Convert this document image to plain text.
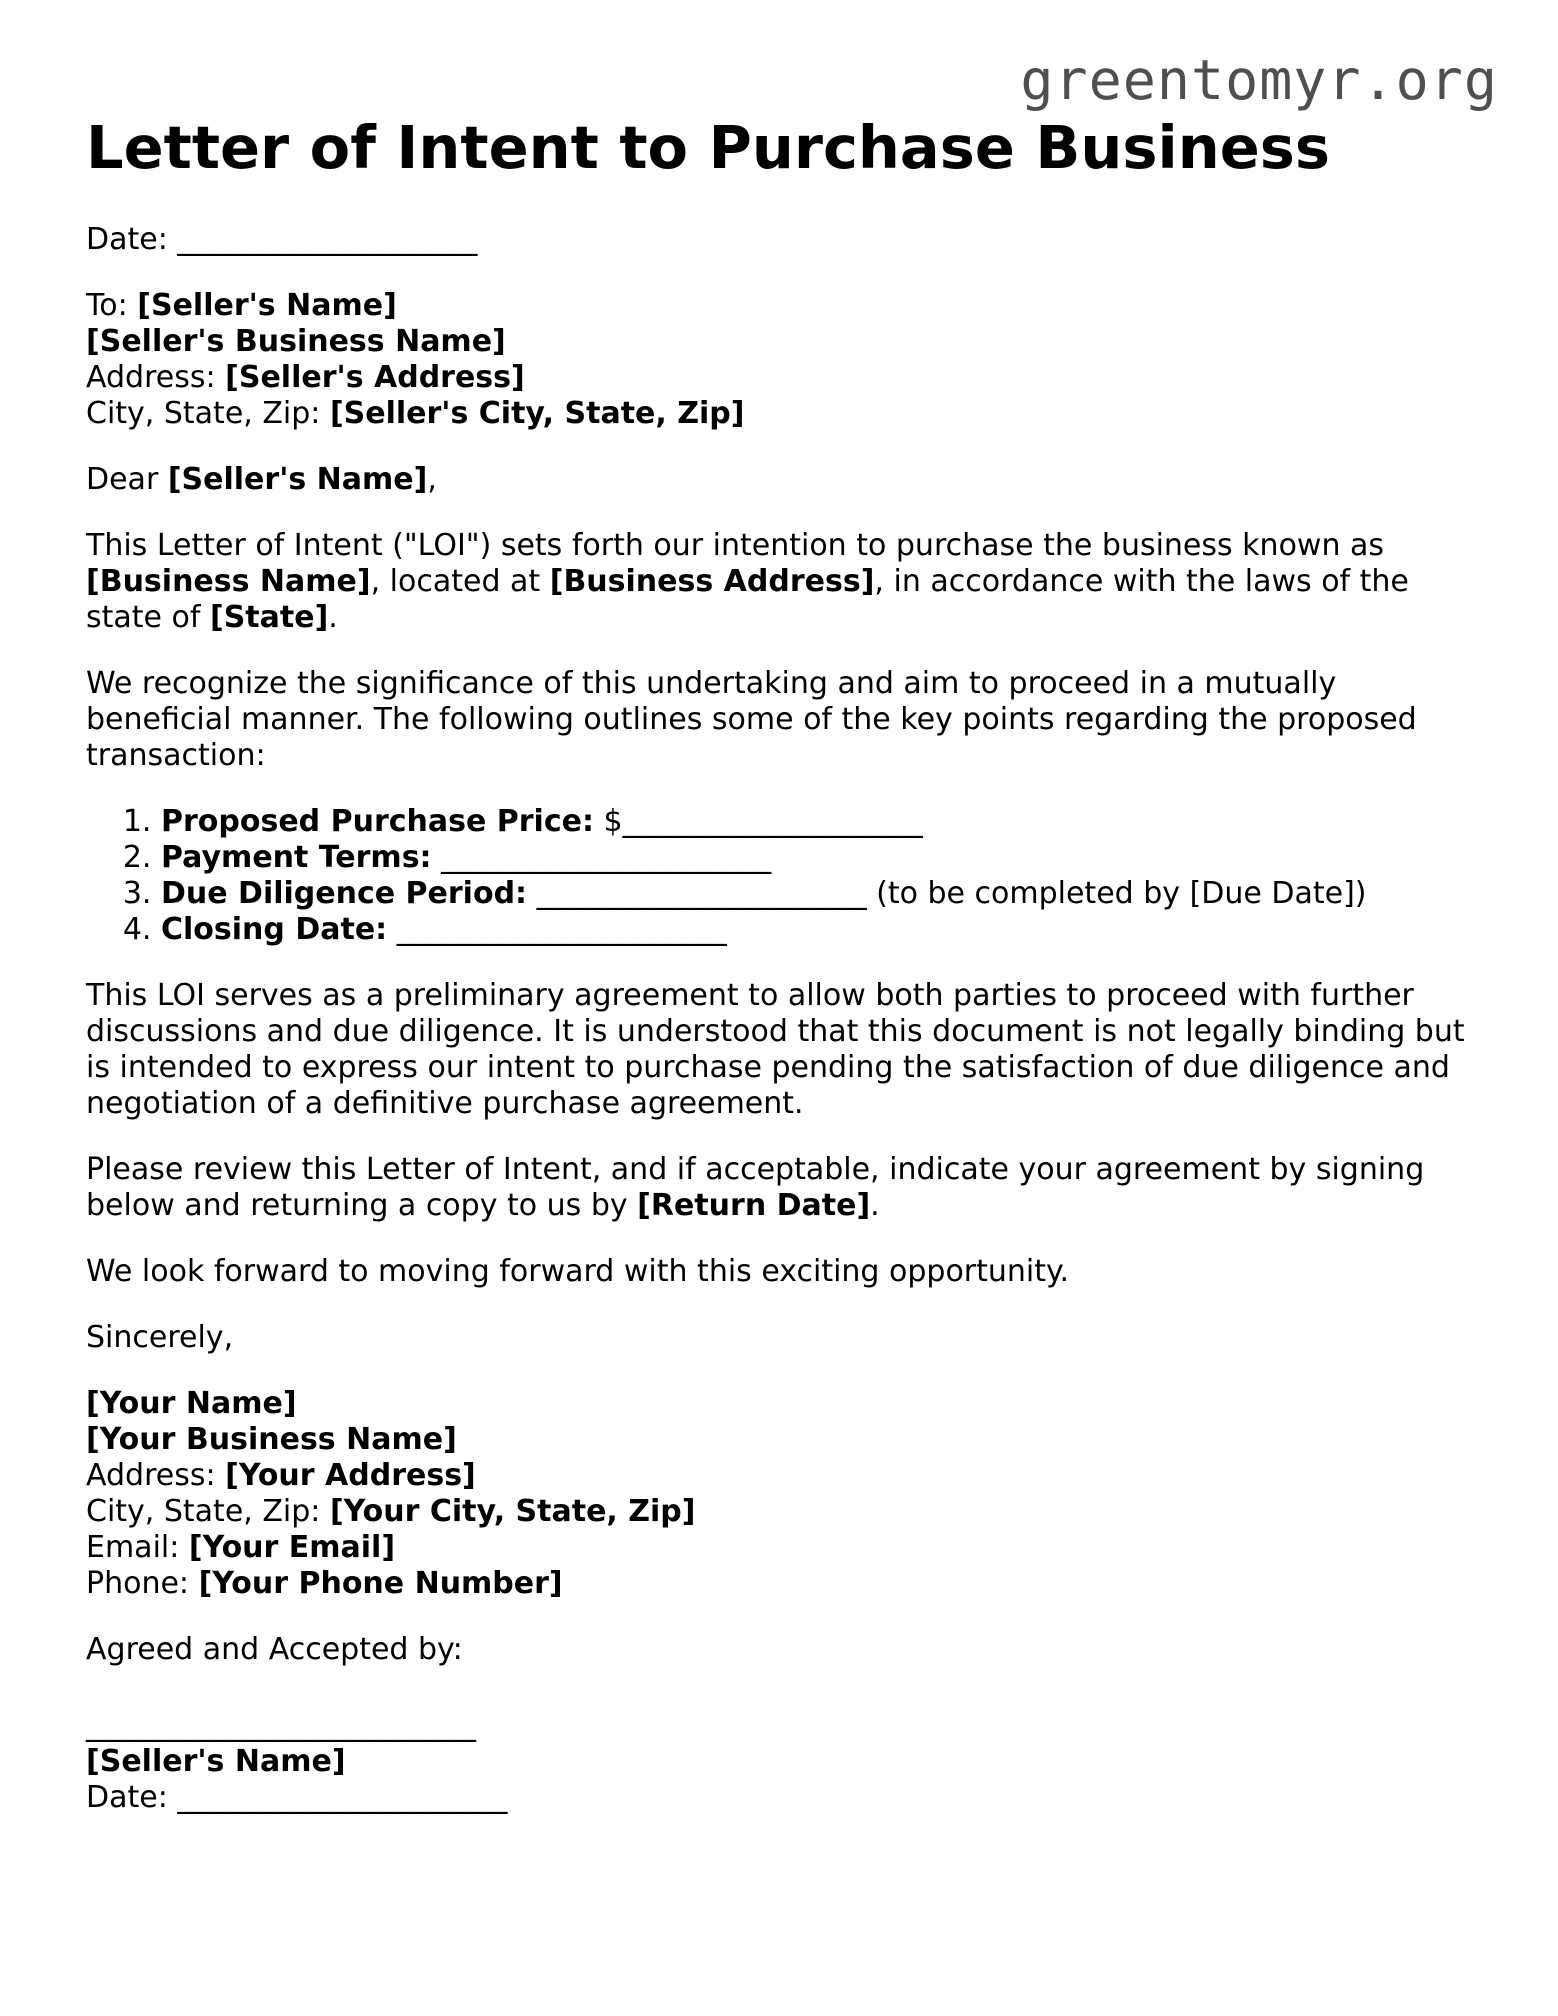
greentomyr.org
Letter of Intent to Purchase Business

Date: ____________________

To: [Seller's Name]

[Seller's Business Name]

Address: [Seller's Address]

City, State, Zip: [Seller's City, State, Zip]

Dear [Seller's Name],

This Letter of Intent ("LOI") sets forth our intention to purchase the business known as [Business Name], located at [Business Address], in accordance with the laws of the state of [State].

We recognize the significance of this undertaking and aim to proceed in a mutually beneficial manner. The following outlines some of the key points regarding the proposed transaction:

1. Proposed Purchase Price: $____________________
2. Payment Terms: ______________________
3. Due Diligence Period: ______________________ (to be completed by [Due Date])
4. Closing Date: ______________________

This LOI serves as a preliminary agreement to allow both parties to proceed with further discussions and due diligence. It is understood that this document is not legally binding but is intended to express our intent to purchase pending the satisfaction of due diligence and negotiation of a definitive purchase agreement.

Please review this Letter of Intent, and if acceptable, indicate your agreement by signing below and returning a copy to us by [Return Date].

We look forward to moving forward with this exciting opportunity.

Sincerely,

[Your Name]

[Your Business Name]

Address: [Your Address]

City, State, Zip: [Your City, State, Zip]

Email: [Your Email]

Phone: [Your Phone Number]

Agreed and Accepted by:

__________________________

[Seller's Name]

Date: ______________________
